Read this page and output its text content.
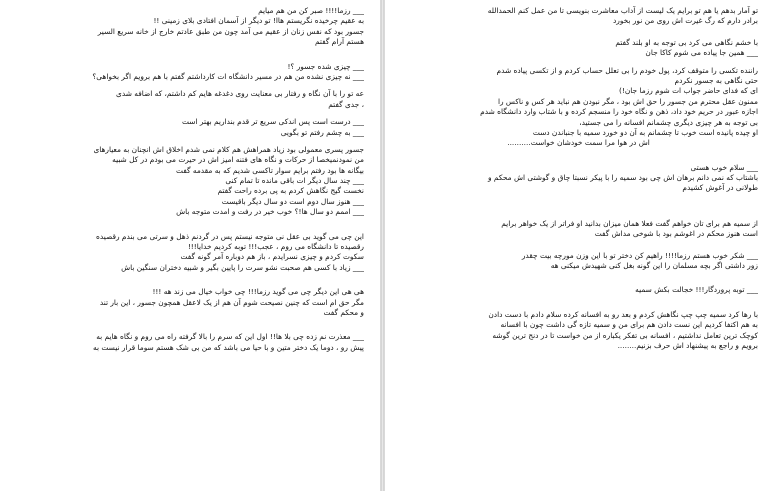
___ رزما!!!! صبر کن من هم میایم
به عقیم چرخیده نگریستم هاا! تو دیگر از آسمان افتادی بلای زمینی !!
جسور بود که نفس زنان از عقیم می آمد چون من طبق عادتم خارج از خانه سریع السیر
هستم آرام گفتم
___ چیزی شده جسور ؟!
___ نه چیزی نشده من هم در مسیر دانشگاه ات کارداشتم گفتم با هم برویم اگر بخواهی؟
عه تو را با آن نگاه و رفتار بی معنایت روی دغدغه هایم کم داشتم، که اضافه شدی
، جدی گفتم
___ درست است پس اندکی سریع تر قدم بنداریم بهتر است
___ به چشم رفتم تو بگویی
جسور پسری معمولی بود زیاد همراهش هم کلام نمی شدم اخلاق اش انچنان به معیارهای
من نمودنمیخصا از حرکات و نگاه های فتنه امیز اش در حیرت می بودم در کل شبیه
بیگانه ها بود رفتم برایم سوار تاکسی شدیم که به مقدمه گفت
___ چند سال دیگر ات باقی مانده تا تمام کنی
نخست گیج نگاهش کردم به پی برده راحت گفتم
___ هنوز سال دوم است دو سال دیگر باقیست
___ اممم دو سال ها!؟ خوب خیر در رفت و امدت متوجه باش
این چی می گوید بی عقل نی متوجه نیستم پس در گردنم ذهل و سرتی می بندم رقصیده
رقصیده تا دانشگاه می روم ، عجب!!! توبه کردیم خدایا!!!
سکوت کردم و چیزی نسرایدم ، باز هم دوباره آمر گونه گفت
___ زیاد با کسی هم صحبت نشو سرت را پایین بگیر و شبیه دختران سنگین باش
هی هی این دیگر چی می گوید رزما!!! چی خواب خیال می زند هه !!!
مگر حق ام است که چنین نصیحت شوم آن هم از یک لاعقل همچون جسور ، این بار تند
و محکم گفت
___ معذرت نم زده چی بلا ها!! اول این که سرم را بالا گرفته راه می روم و نگاه هایم به
پیش رو ، دوما یک دختر متین و با حیا می باشد که من بی شک هستم سوما قرار نیست به
تو آمار بدهم یا هم تو برایم یک لیست از آداب معاشرت بنویسی تا من عمل کنم الحمدالله
برادر دارم که رگ غیرت اش روی من نور بخورد
با خشم نگاهی می کرد بی توجه به او بلند گفتم
___ همین جا پیاده می شوم کاکا جان
راننده تکسی را متوقف کرد، پول خودم را بی تعلل حساب کردم و از تکسی پیاده شدم
حتی نگاهی به جسور نکردم
ای که فدای حاضر جواب ات شوم رزما جان!)
ممنون عقل محترم من جسور را حق اش بود ، مگر نبودن هم نباید هر کس و ناکس را
اجازه عبور در حریم خود داد، ذهن و نگاه خود را منسجم کرده و با شتاب وارد دانشگاه شدم
بی توجه به هر چیزی دیگری چشمانم افسانه را می جستید،
او چیده پانیده است خوب تا چشمانم به آن دو خورد سمیه با جنباندن دست
اش در هوا مرا سمت خودشان خواست..........
___ سلام خوب هستی
باشتاب که نمی دانم برهان اش چی بود سمیه را با پیکر نسبتا چاق و گوشتی اش محکم و
طولانی در آغوش کشیدم
از سمیه هم برای تان خواهم گفت فعلا همان میزان بدانید او فراتر از یک خواهر برایم
است هنوز محکم در اغوشم بود با شوخی مداش گفت
___ شکر خوب هستم رزما!!!! راهیم کن دختر تو با این وزن مورچه بیت چقدر
زور داشتی اگر بچه مسلمان را این گونه بغل کنی شهیدش میکنی هه
___ توبه پروردگار!!! خجالت بکش سمیه
با رها کرد سمیه چپ چپ نگاهش کردم و بعد رو به افسانه کرده سلام دادم با دست دادن
به هم اکتفا کردیم این نست دادن هم برای من و سمیه تازه گی داشت چون با افسانه
کوچک ترین تعامل نداشتیم ، افسانه بی تفکر یکباره از من خواست تا در دنج ترین گوشه
برویم و راجع به پیشنهاد اش حرف بزنیم........
